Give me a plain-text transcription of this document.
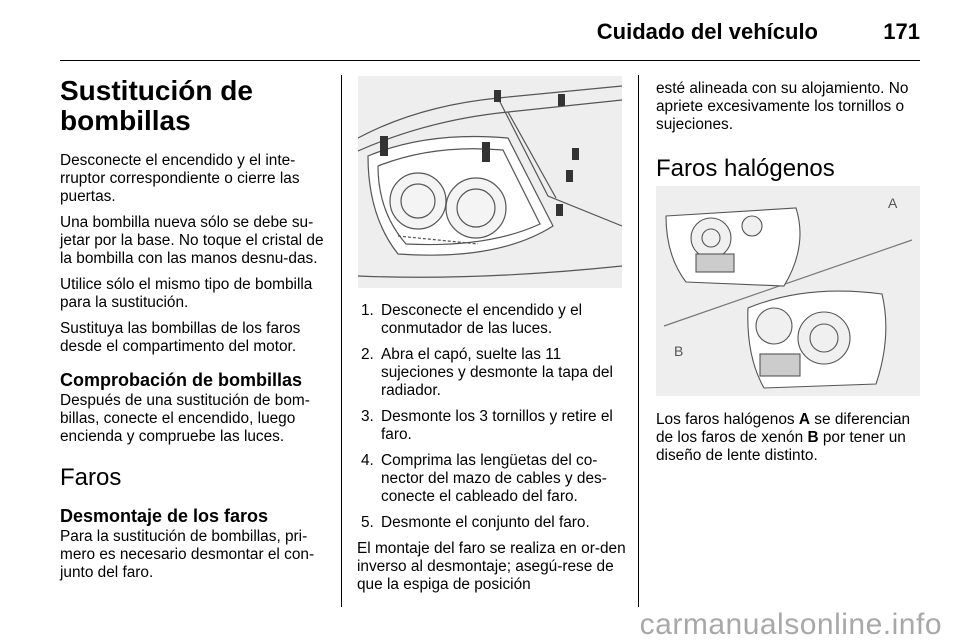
Cuidado del vehículo	171
Sustitución de
bombillas

Desconecte el encendido y el inte-rruptor correspondiente o cierre las puertas.

Una bombilla nueva sólo se debe su-jetar por la base. No toque el cristal de la bombilla con las manos desnu-das.

Utilice sólo el mismo tipo de bombilla para la sustitución.

Sustituya las bombillas de los faros desde el compartimento del motor.

Comprobación de bombillas

Después de una sustitución de bom-billas, conecte el encendido, luego encienda y compruebe las luces.

Faros
Desmontaje de los faros

Para la sustitución de bombillas, pri-mero es necesario desmontar el con-junto del faro.

1. Desconecte el encendido y el conmutador de las luces.
2. Abra el capó, suelte las 11 sujeciones y desmonte la tapa del radiador.
3. Desmonte los 3 tornillos y retire el faro.
4. Comprima las lengüetas del co-nector del mazo de cables y des-conecte el cableado del faro.
5. Desmonte el conjunto del faro.

El montaje del faro se realiza en or-den inverso al desmontaje; asegú-rese de que la espiga de posición

esté alineada con su alojamiento. No apriete excesivamente los tornillos o sujeciones.

Faros halógenos
A
B

Los faros halógenos A se diferencian de los faros de xenón B por tener un diseño de lente distinto.

carmanualsonline.info
